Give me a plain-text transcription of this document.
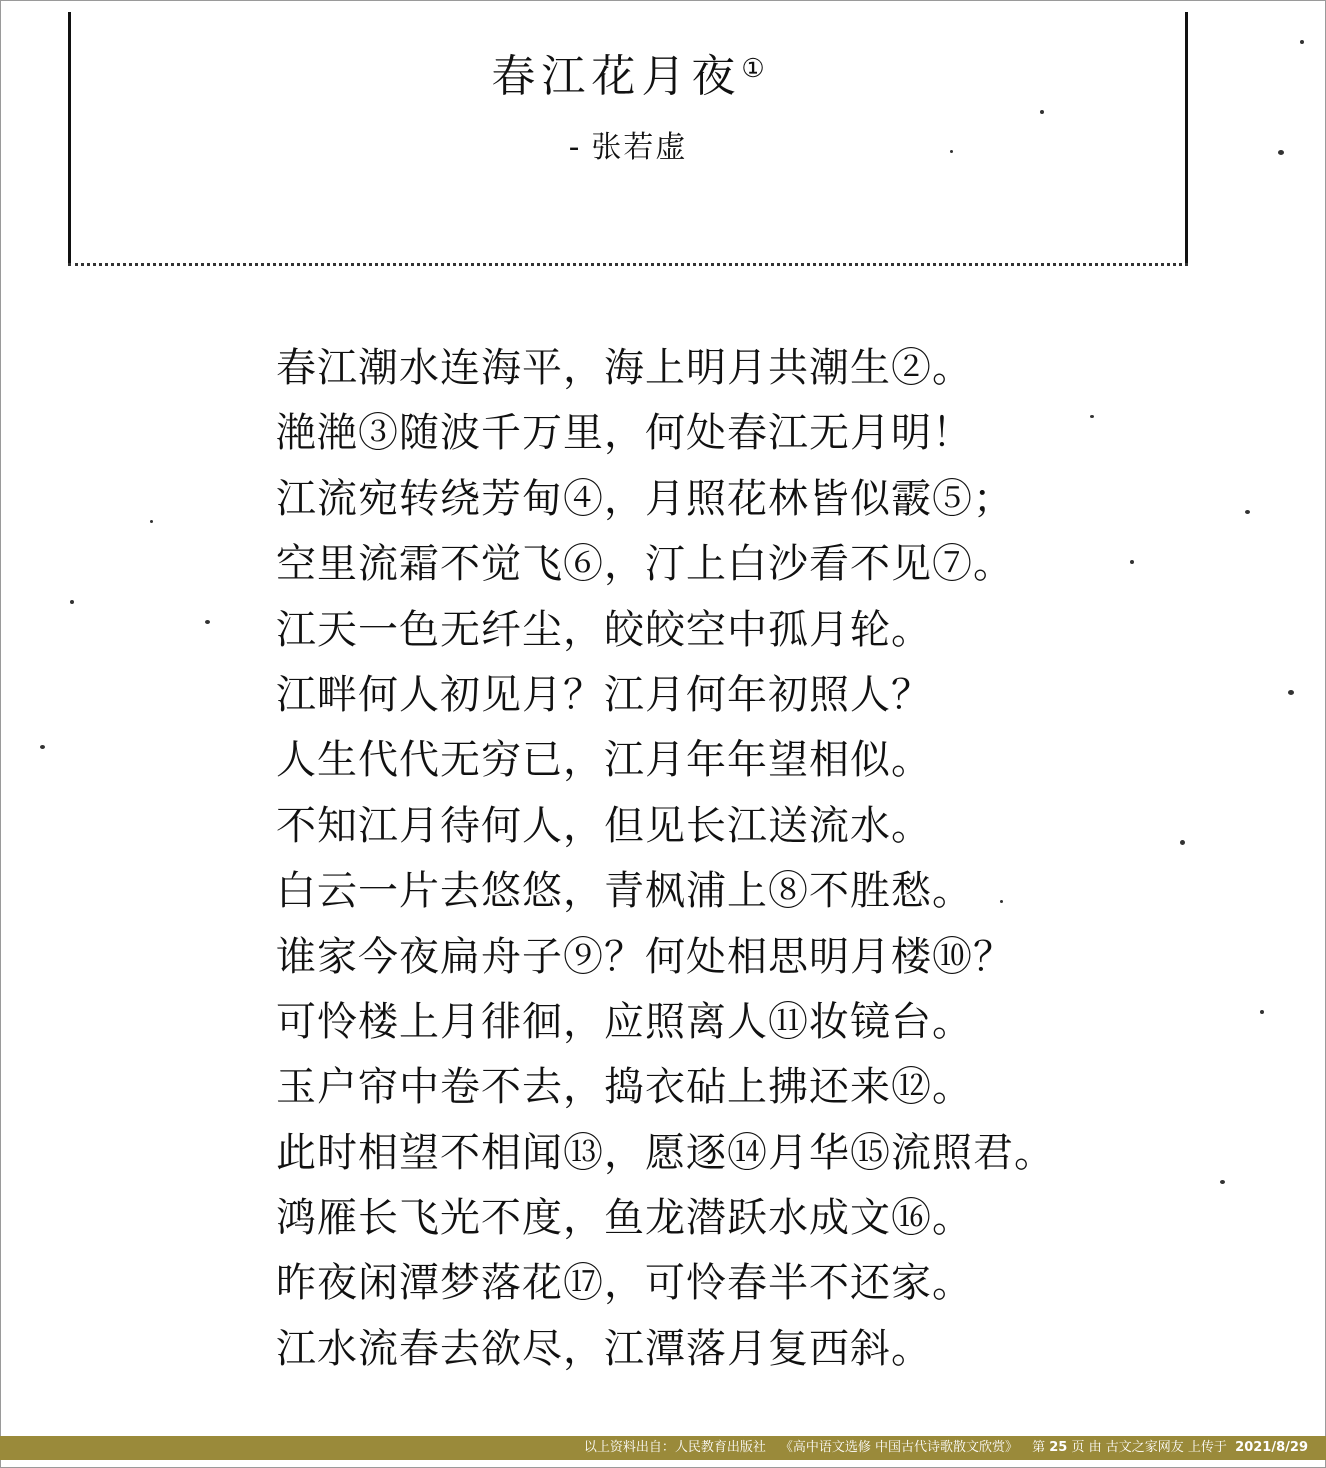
春江花月夜①
- 张若虚
春江潮水连海平，海上明月共潮生②。
滟滟③随波千万里，何处春江无月明！
江流宛转绕芳甸④，月照花林皆似霰⑤；
空里流霜不觉飞⑥，汀上白沙看不见⑦。
江天一色无纤尘，皎皎空中孤月轮。
江畔何人初见月？江月何年初照人？
人生代代无穷已，江月年年望相似。
不知江月待何人，但见长江送流水。
白云一片去悠悠，青枫浦上⑧不胜愁。
谁家今夜扁舟子⑨？何处相思明月楼⑩？
可怜楼上月徘徊，应照离人⑪妆镜台。
玉户帘中卷不去，捣衣砧上拂还来⑫。
此时相望不相闻⑬，愿逐⑭月华⑮流照君。
鸿雁长飞光不度，鱼龙潜跃水成文⑯。
昨夜闲潭梦落花⑰，可怜春半不还家。
江水流春去欲尽，江潭落月复西斜。
以上资料出自：人民教育出版社 《高中语文选修 中国古代诗歌散文欣赏》 第 25 页 由 古文之家网友 上传于 2021/8/29
